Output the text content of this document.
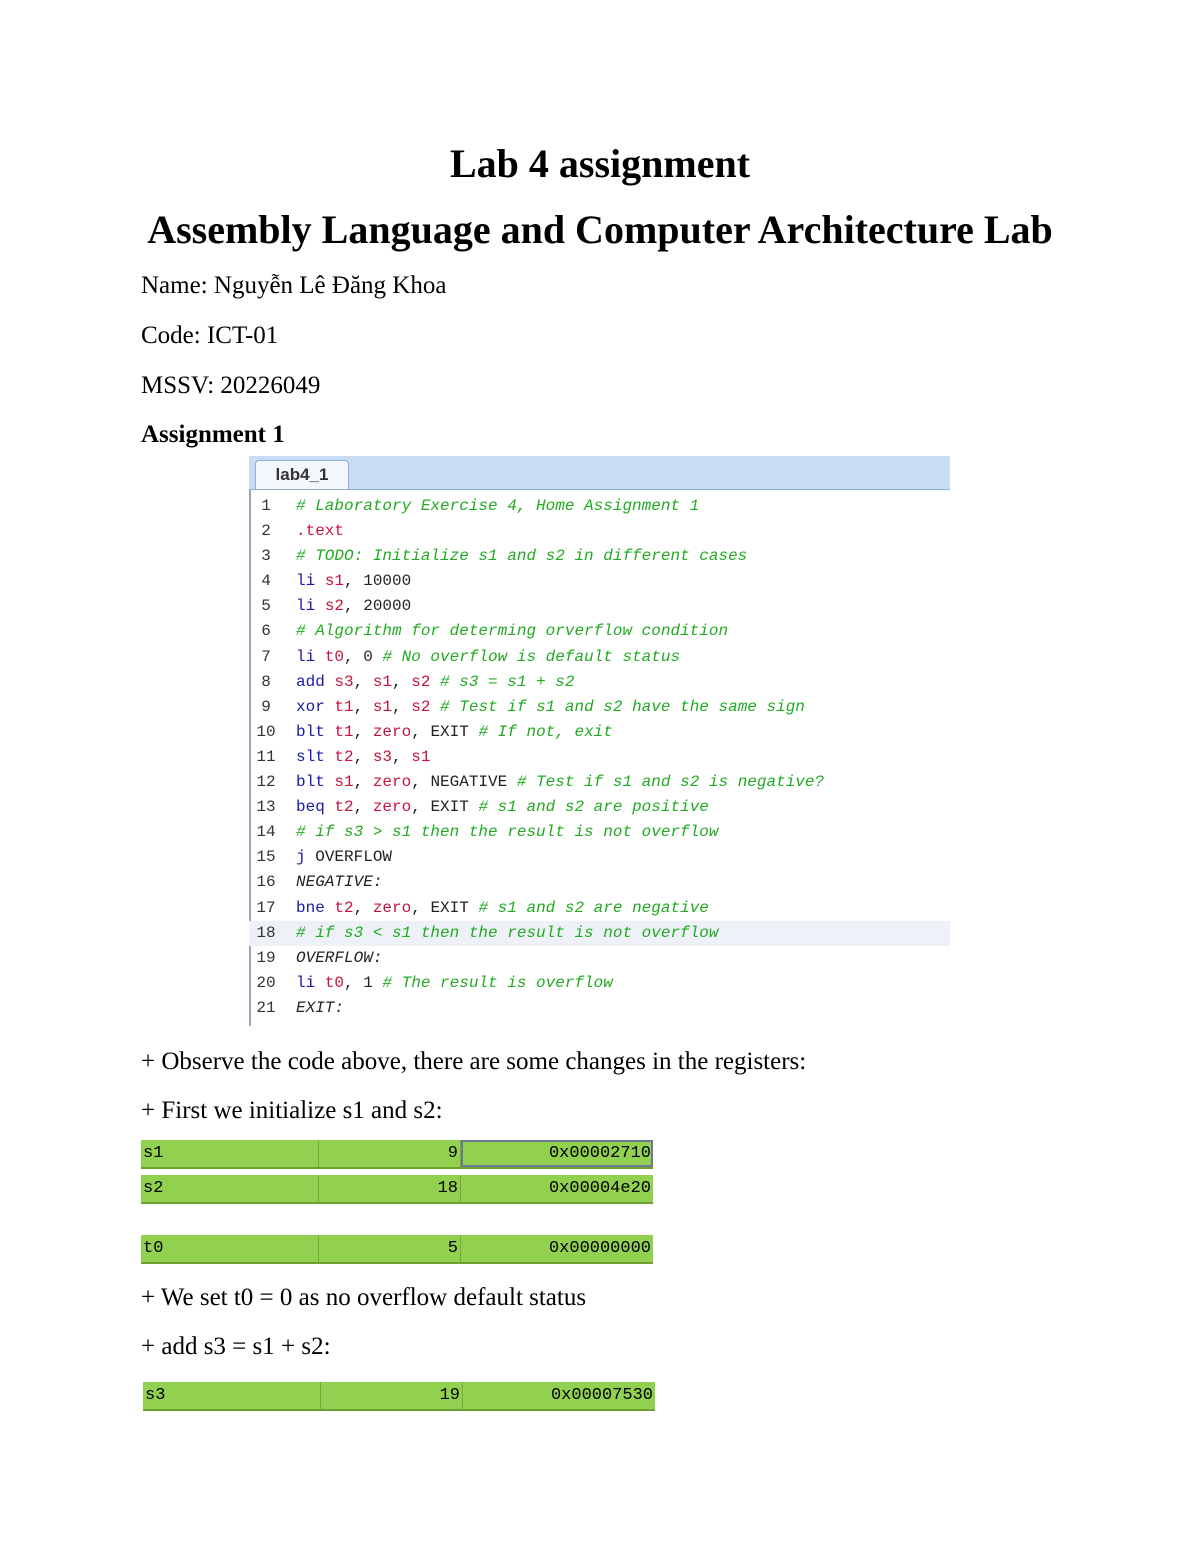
Lab 4 assignment
Assembly Language and Computer Architecture Lab
Name: Nguyễn Lê Đăng Khoa
Code: ICT-01
MSSV: 20226049
Assignment 1
lab4_1
1	# Laboratory Exercise 4, Home Assignment 1
2	.text
3	# TODO: Initialize s1 and s2 in different cases
4	li s1, 10000
5	li s2, 20000
6	# Algorithm for determing orverflow condition
7	li t0, 0 # No overflow is default status
8	add s3, s1, s2 # s3 = s1 + s2
9	xor t1, s1, s2 # Test if s1 and s2 have the same sign
10 blt t1, zero, EXIT # If not, exit
11 slt t2, s3, s1
12 blt s1, zero, NEGATIVE # Test if s1 and s2 is negative?
13 beq t2, zero, EXIT # s1 and s2 are positive
14 # if s3 > s1 then the result is not overflow
15 j OVERFLOW
16 NEGATIVE:
17 bne t2, zero, EXIT # s1 and s2 are negative
18 # if s3 < s1 then the result is not overflow
19 OVERFLOW:
20 li t0, 1 # The result is overflow
21 EXIT:
+ Observe the code above, there are some changes in the registers:
+ First we initialize s1 and s2:
s1	9	0x00002710
s2	18	0x00004e20
t0	5	0x00000000
+ We set t0 = 0 as no overflow default status
+ add s3 = s1 + s2:
s3	19	0x00007530
